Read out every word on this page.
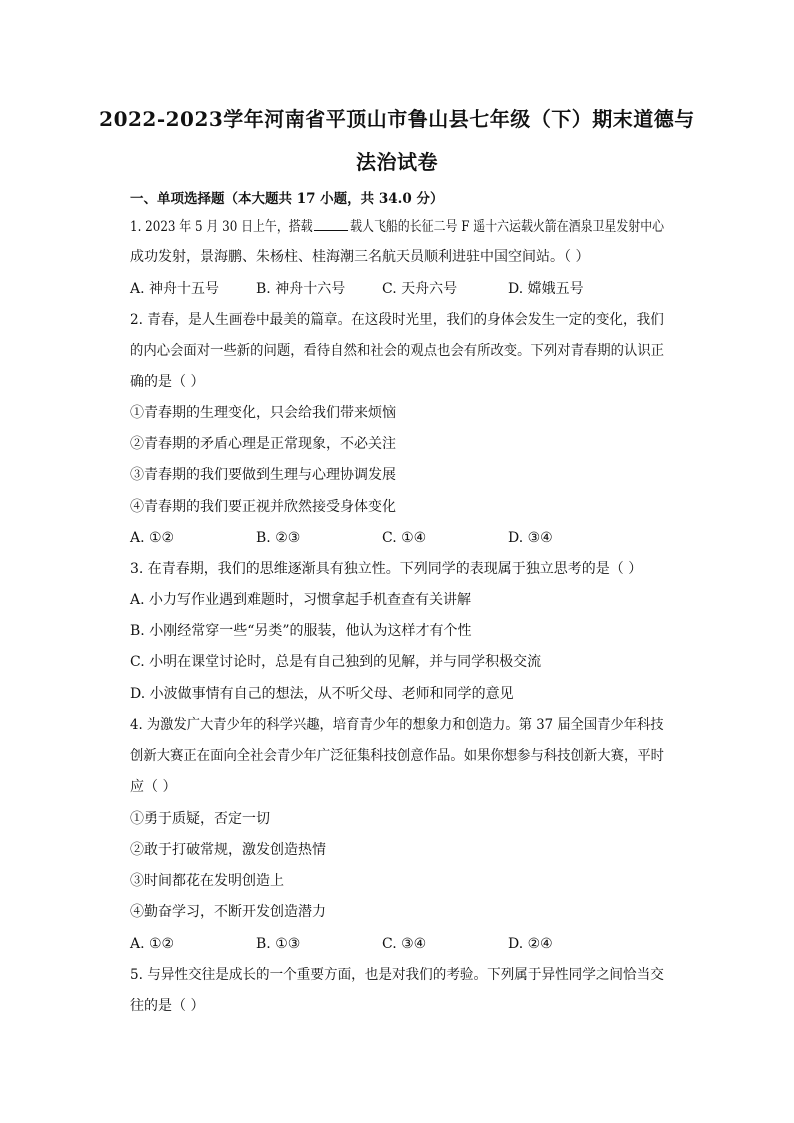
2022-2023学年河南省平顶山市鲁山县七年级（下）期末道德与
法治试卷
一、单项选择题（本大题共 17 小题，共 34.0 分）
1. 2023 年 5 月 30 日上午，搭载	载人飞船的长征二号 F 遥十六运载火箭在酒泉卫星发射中心
成功发射，景海鹏、朱杨柱、桂海潮三名航天员顺利进驻中国空间站。（ ）
A. 神舟十五号	B. 神舟十六号	C. 天舟六号	D. 嫦娥五号
2. 青春，是人生画卷中最美的篇章。在这段时光里，我们的身体会发生一定的变化，我们
的内心会面对一些新的问题，看待自然和社会的观点也会有所改变。下列对青春期的认识正
确的是（ ）
①青春期的生理变化，只会给我们带来烦恼
②青春期的矛盾心理是正常现象，不必关注
③青春期的我们要做到生理与心理协调发展
④青春期的我们要正视并欣然接受身体变化
A. ①②	B. ②③	C. ①④	D. ③④
3. 在青春期，我们的思维逐渐具有独立性。下列同学的表现属于独立思考的是（ ）
A. 小力写作业遇到难题时，习惯拿起手机查查有关讲解
B. 小刚经常穿一些“另类”的服装，他认为这样才有个性
C. 小明在课堂讨论时，总是有自己独到的见解，并与同学积极交流
D. 小波做事情有自己的想法，从不听父母、老师和同学的意见
4. 为激发广大青少年的科学兴趣，培育青少年的想象力和创造力。第 37 届全国青少年科技
创新大赛正在面向全社会青少年广泛征集科技创意作品。如果你想参与科技创新大赛，平时
应（ ）
①勇于质疑，否定一切
②敢于打破常规，激发创造热情
③时间都花在发明创造上
④勤奋学习，不断开发创造潜力
A. ①②	B. ①③	C. ③④	D. ②④
5. 与异性交往是成长的一个重要方面，也是对我们的考验。下列属于异性同学之间恰当交
往的是（ ）
